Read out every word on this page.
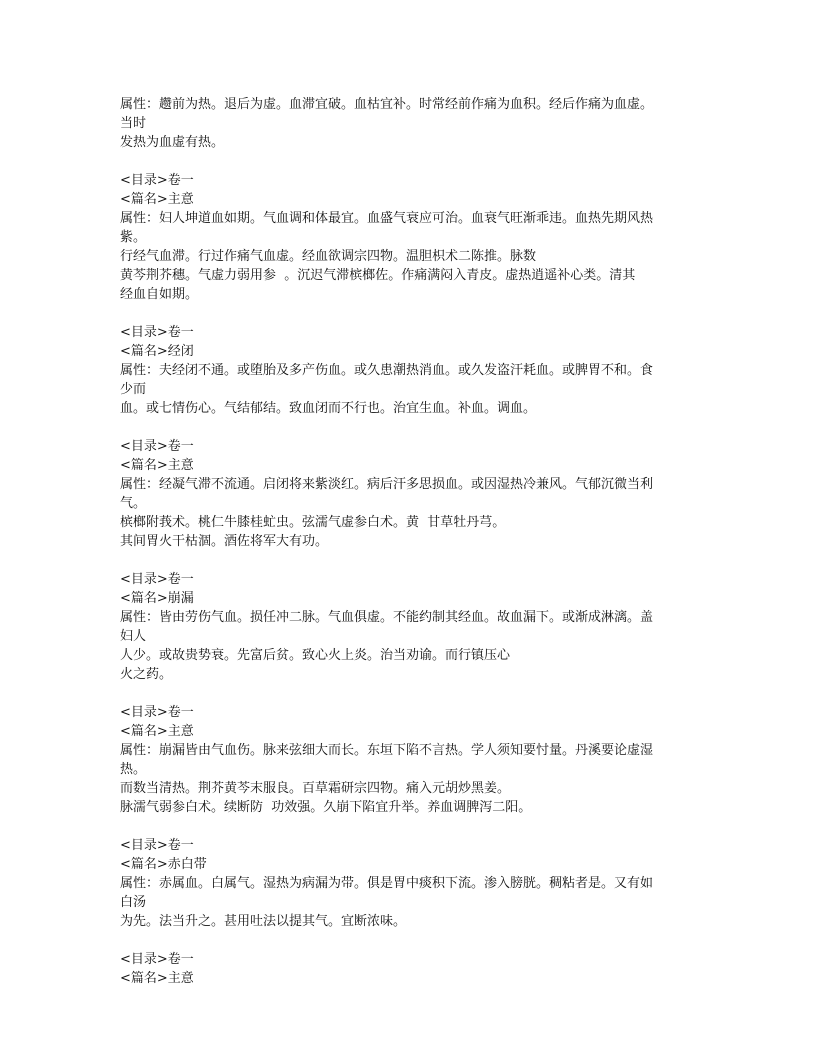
属性：趱前为热。退后为虚。血滞宜破。血枯宜补。时常经前作痛为血积。经后作痛为血虚。
当时
发热为血虚有热。
<目录>卷一
<篇名>主意
属性：妇人坤道血如期。气血调和体最宜。血盛气衰应可治。血衰气旺渐乖违。血热先期风热
紫。
行经气血滞。行过作痛气血虚。经血欲调宗四物。温胆枳术二陈推。脉数
黄芩荆芥穗。气虚力弱用参  。沉迟气滞槟榔佐。作痛满闷入青皮。虚热逍遥补心类。清其
经血自如期。
<目录>卷一
<篇名>经闭
属性：夫经闭不通。或堕胎及多产伤血。或久患潮热消血。或久发盗汗耗血。或脾胃不和。食
少而
血。或七情伤心。气结郁结。致血闭而不行也。治宜生血。补血。调血。
<目录>卷一
<篇名>主意
属性：经凝气滞不流通。启闭将来紫淡红。病后汗多思损血。或因湿热冷兼风。气郁沉微当利
气。
槟榔附莪术。桃仁牛膝桂虻虫。弦濡气虚参白术。黄  甘草牡丹芎。
其间胃火干枯涸。酒佐将军大有功。
<目录>卷一
<篇名>崩漏
属性：皆由劳伤气血。损任冲二脉。气血俱虚。不能约制其经血。故血漏下。或渐成淋漓。盖
妇人
人少。或故贵势衰。先富后贫。致心火上炎。治当劝谕。而行镇压心
火之药。
<目录>卷一
<篇名>主意
属性：崩漏皆由气血伤。脉来弦细大而长。东垣下陷不言热。学人须知要忖量。丹溪要论虚湿
热。
而数当清热。荆芥黄芩末服良。百草霜研宗四物。痛入元胡炒黑姜。
脉濡气弱参白术。续断防  功效强。久崩下陷宜升举。养血调脾泻二阳。
<目录>卷一
<篇名>赤白带
属性：赤属血。白属气。湿热为病漏为带。俱是胃中痰积下流。渗入膀胱。稠粘者是。又有如
白汤
为先。法当升之。甚用吐法以提其气。宜断浓味。
<目录>卷一
<篇名>主意
